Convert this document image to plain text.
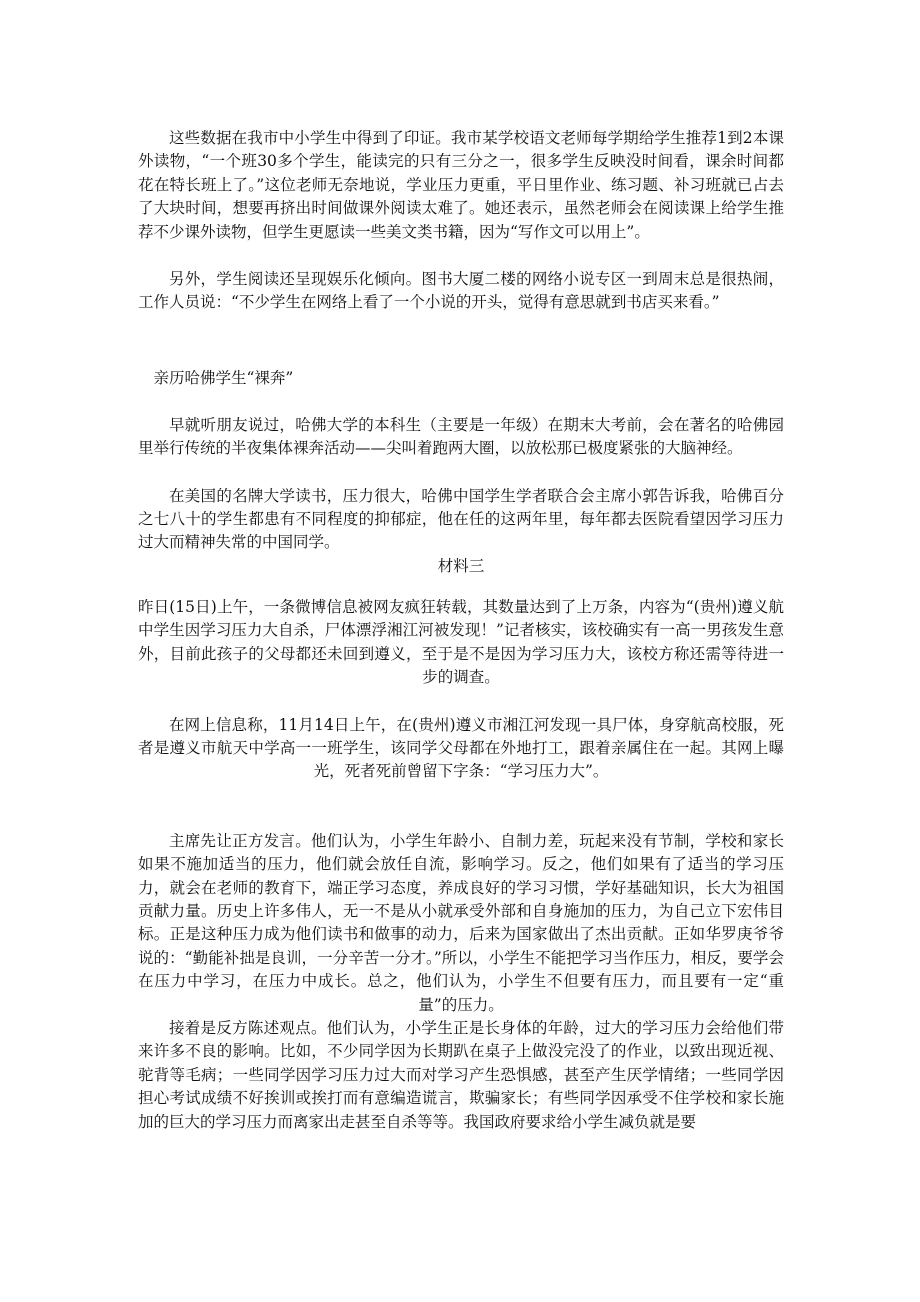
这些数据在我市中小学生中得到了印证。我市某学校语文老师每学期给学生推荐1到2本课外读物，“一个班30多个学生，能读完的只有三分之一，很多学生反映没时间看，课余时间都花在特长班上了。”这位老师无奈地说，学业压力更重，平日里作业、练习题、补习班就已占去了大块时间，想要再挤出时间做课外阅读太难了。她还表示，虽然老师会在阅读课上给学生推荐不少课外读物，但学生更愿读一些美文类书籍，因为“写作文可以用上”。

另外，学生阅读还呈现娱乐化倾向。图书大厦二楼的网络小说专区一到周末总是很热闹，工作人员说：“不少学生在网络上看了一个小说的开头，觉得有意思就到书店买来看。”

亲历哈佛学生“裸奔”

早就听朋友说过，哈佛大学的本科生（主要是一年级）在期末大考前，会在著名的哈佛园里举行传统的半夜集体裸奔活动——尖叫着跑两大圈，以放松那已极度紧张的大脑神经。

在美国的名牌大学读书，压力很大，哈佛中国学生学者联合会主席小郭告诉我，哈佛百分之七八十的学生都患有不同程度的抑郁症，他在任的这两年里，每年都去医院看望因学习压力过大而精神失常的中国同学。

材料三

昨日(15日)上午，一条微博信息被网友疯狂转载，其数量达到了上万条，内容为“(贵州)遵义航中学生因学习压力大自杀，尸体漂浮湘江河被发现！”记者核实，该校确实有一高一男孩发生意外，目前此孩子的父母都还未回到遵义，至于是不是因为学习压力大，该校方称还需等待进一步的调查。

在网上信息称，11月14日上午，在(贵州)遵义市湘江河发现一具尸体，身穿航高校服，死者是遵义市航天中学高一一班学生，该同学父母都在外地打工，跟着亲属住在一起。其网上曝光，死者死前曾留下字条：“学习压力大”。

主席先让正方发言。他们认为，小学生年龄小、自制力差，玩起来没有节制，学校和家长如果不施加适当的压力，他们就会放任自流，影响学习。反之，他们如果有了适当的学习压力，就会在老师的教育下，端正学习态度，养成良好的学习习惯，学好基础知识，长大为祖国贡献力量。历史上许多伟人，无一不是从小就承受外部和自身施加的压力，为自己立下宏伟目标。正是这种压力成为他们读书和做事的动力，后来为国家做出了杰出贡献。正如华罗庚爷爷说的：“勤能补拙是良训，一分辛苦一分才。”所以，小学生不能把学习当作压力，相反，要学会在压力中学习，在压力中成长。总之，他们认为，小学生不但要有压力，而且要有一定“重量”的压力。

接着是反方陈述观点。他们认为，小学生正是长身体的年龄，过大的学习压力会给他们带来许多不良的影响。比如，不少同学因为长期趴在桌子上做没完没了的作业，以致出现近视、驼背等毛病；一些同学因学习压力过大而对学习产生恐惧感，甚至产生厌学情绪；一些同学因担心考试成绩不好挨训或挨打而有意编造谎言，欺骗家长；有些同学因承受不住学校和家长施加的巨大的学习压力而离家出走甚至自杀等等。我国政府要求给小学生减负就是要
